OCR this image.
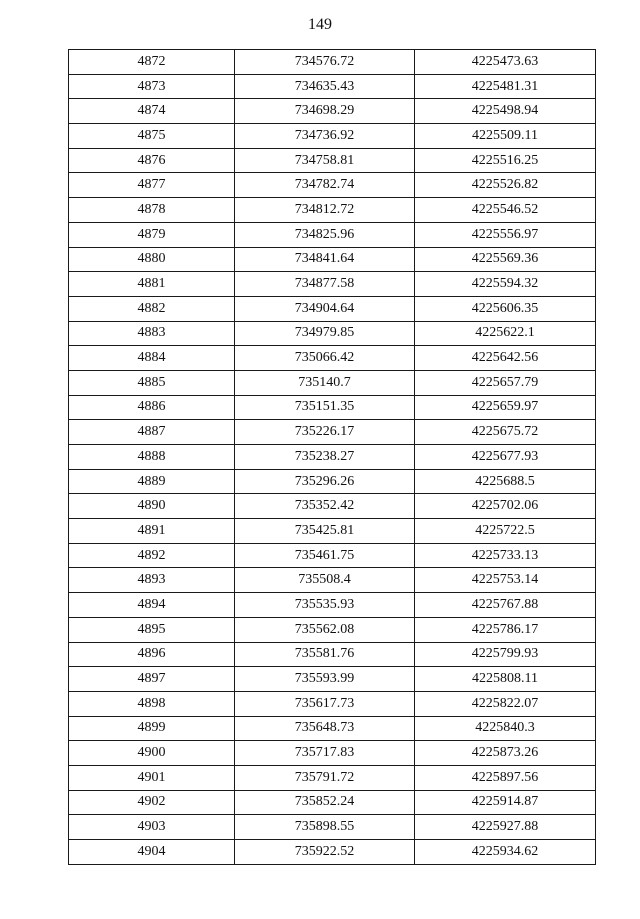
149
4872	734576.72	4225473.63
4873	734635.43	4225481.31
4874	734698.29	4225498.94
4875	734736.92	4225509.11
4876	734758.81	4225516.25
4877	734782.74	4225526.82
4878	734812.72	4225546.52
4879	734825.96	4225556.97
4880	734841.64	4225569.36
4881	734877.58	4225594.32
4882	734904.64	4225606.35
4883	734979.85	4225622.1
4884	735066.42	4225642.56
4885	735140.7	4225657.79
4886	735151.35	4225659.97
4887	735226.17	4225675.72
4888	735238.27	4225677.93
4889	735296.26	4225688.5
4890	735352.42	4225702.06
4891	735425.81	4225722.5
4892	735461.75	4225733.13
4893	735508.4	4225753.14
4894	735535.93	4225767.88
4895	735562.08	4225786.17
4896	735581.76	4225799.93
4897	735593.99	4225808.11
4898	735617.73	4225822.07
4899	735648.73	4225840.3
4900	735717.83	4225873.26
4901	735791.72	4225897.56
4902	735852.24	4225914.87
4903	735898.55	4225927.88
4904	735922.52	4225934.62
